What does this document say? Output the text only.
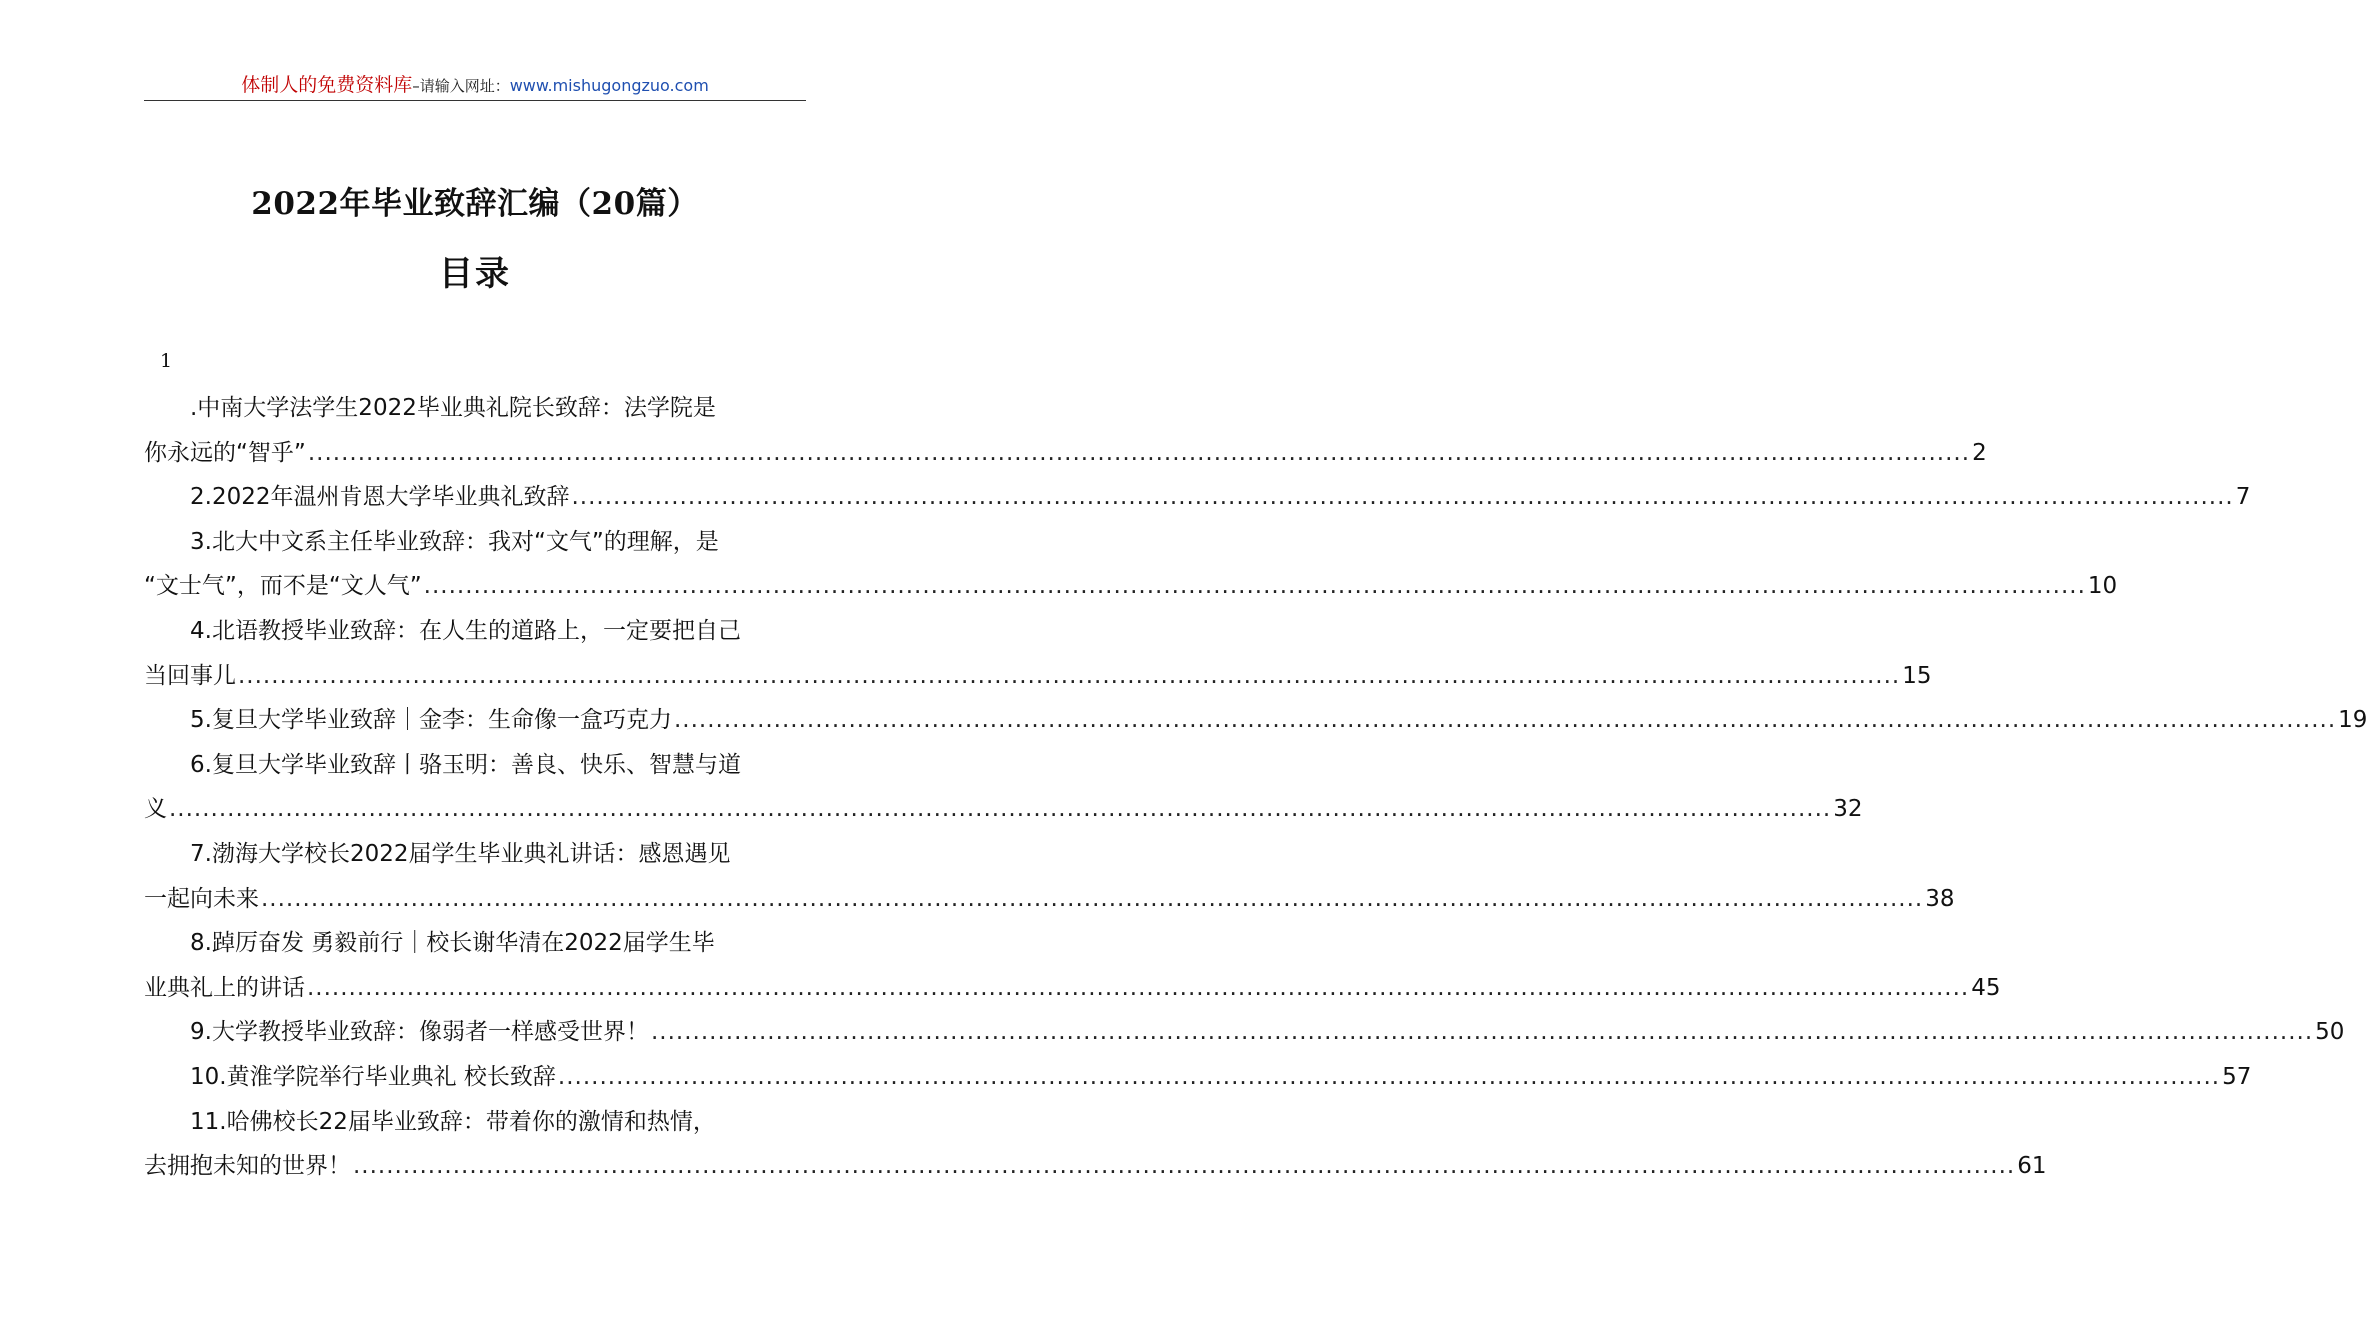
体制人的免费资料库–请输入网址：www.mishugongzuo.com
2022年毕业致辞汇编（20篇）
目录
1
.中南大学法学生2022毕业典礼院长致辞：法学院是
你永远的“智乎” ........................................................................................................................................................................................................ 2
2.2022年温州肯恩大学毕业典礼致辞 ........................................................................................................................................................................................................ 7
3.北大中文系主任毕业致辞：我对“文气”的理解，是
“文士气”，而不是“文人气” ........................................................................................................................................................................................................ 10
4.北语教授毕业致辞：在人生的道路上，一定要把自己
当回事儿 ........................................................................................................................................................................................................ 15
5.复旦大学毕业致辞｜金李：生命像一盒巧克力 ........................................................................................................................................................................................................ 19
6.复旦大学毕业致辞丨骆玉明：善良、快乐、智慧与道
义 ........................................................................................................................................................................................................ 32
7.渤海大学校长2022届学生毕业典礼讲话：感恩遇见
一起向未来 ........................................................................................................................................................................................................ 38
8.踔厉奋发 勇毅前行｜校长谢华清在2022届学生毕
业典礼上的讲话 ........................................................................................................................................................................................................ 45
9.大学教授毕业致辞：像弱者一样感受世界！ ........................................................................................................................................................................................................ 50
10.黄淮学院举行毕业典礼 校长致辞 ........................................................................................................................................................................................................ 57
11.哈佛校长22届毕业致辞：带着你的激情和热情，
去拥抱未知的世界！ ........................................................................................................................................................................................................ 61
